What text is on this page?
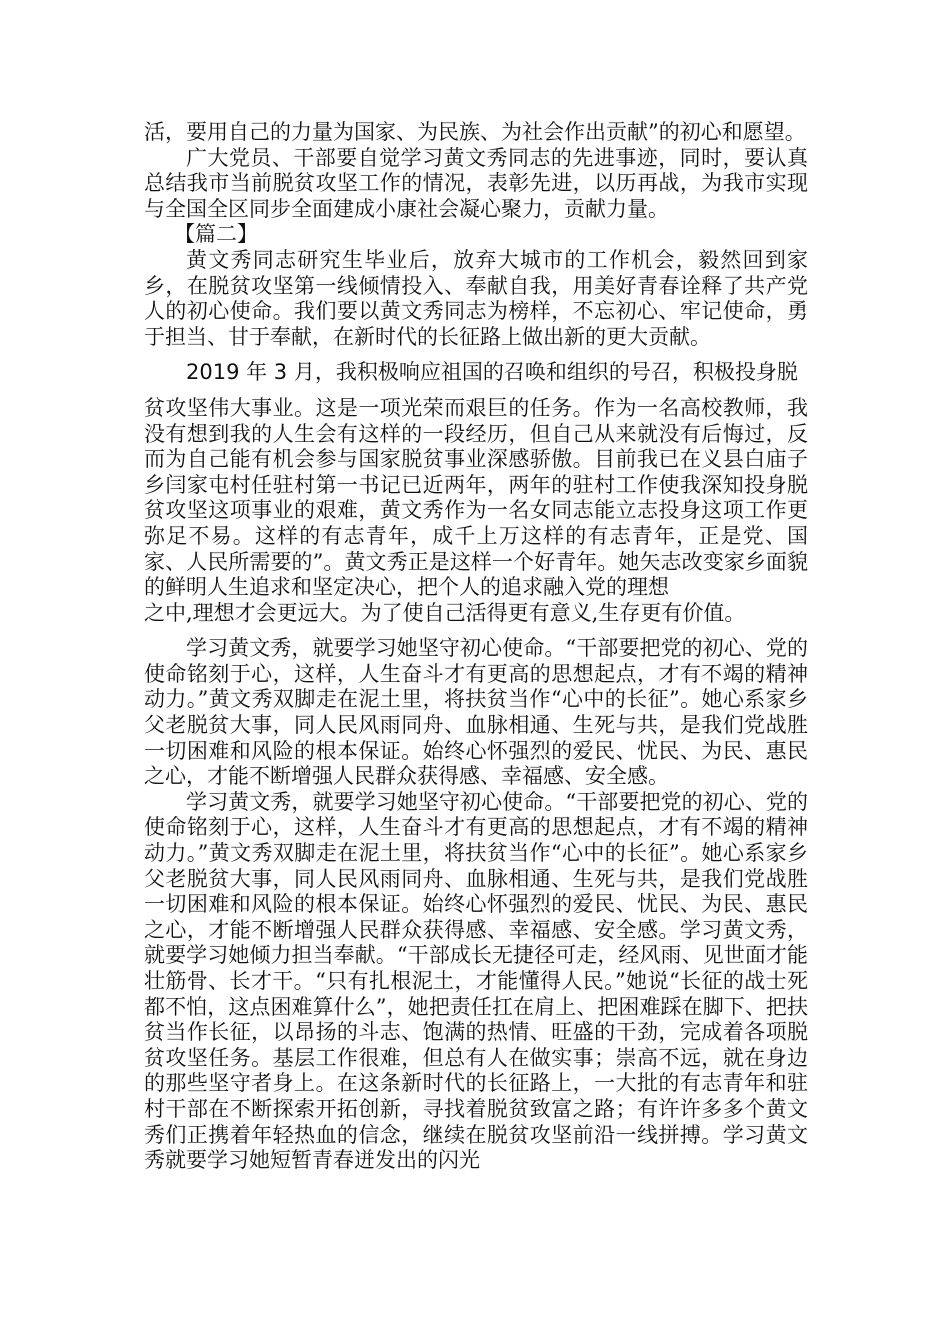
活，要用自己的力量为国家、为民族、为社会作出贡献”的初心和愿望。

广大党员、干部要自觉学习黄文秀同志的先进事迹，同时，要认真总结我市当前脱贫攻坚工作的情况，表彰先进，以历再战，为我市实现与全国全区同步全面建成小康社会凝心聚力，贡献力量。

【篇二】

黄文秀同志研究生毕业后，放弃大城市的工作机会，毅然回到家乡，在脱贫攻坚第一线倾情投入、奉献自我，用美好青春诠释了共产党人的初心使命。我们要以黄文秀同志为榜样，不忘初心、牢记使命，勇于担当、甘于奉献，在新时代的长征路上做出新的更大贡献。

2019 年 3 月，我积极响应祖国的召唤和组织的号召，积极投身脱

贫攻坚伟大事业。这是一项光荣而艰巨的任务。作为一名高校教师，我没有想到我的人生会有这样的一段经历，但自己从来就没有后悔过，反而为自己能有机会参与国家脱贫事业深感骄傲。目前我已在义县白庙子乡闫家屯村任驻村第一书记已近两年，两年的驻村工作使我深知投身脱贫攻坚这项事业的艰难，黄文秀作为一名女同志能立志投身这项工作更弥足不易。这样的有志青年，成千上万这样的有志青年，正是党、国家、人民所需要的”。黄文秀正是这样一个好青年。她矢志改变家乡面貌的鲜明人生追求和坚定决心，把个人的追求融入党的理想

之中,理想才会更远大。为了使自己活得更有意义,生存更有价值。

学习黄文秀，就要学习她坚守初心使命。“干部要把党的初心、党的使命铭刻于心，这样，人生奋斗才有更高的思想起点，才有不竭的精神动力。”黄文秀双脚走在泥土里，将扶贫当作“心中的长征”。她心系家乡父老脱贫大事，同人民风雨同舟、血脉相通、生死与共，是我们党战胜一切困难和风险的根本保证。始终心怀强烈的爱民、忧民、为民、惠民之心，才能不断增强人民群众获得感、幸福感、安全感。

学习黄文秀，就要学习她坚守初心使命。“干部要把党的初心、党的使命铭刻于心，这样，人生奋斗才有更高的思想起点，才有不竭的精神动力。”黄文秀双脚走在泥土里，将扶贫当作“心中的长征”。她心系家乡父老脱贫大事，同人民风雨同舟、血脉相通、生死与共，是我们党战胜一切困难和风险的根本保证。始终心怀强烈的爱民、忧民、为民、惠民之心，才能不断增强人民群众获得感、幸福感、安全感。学习黄文秀，就要学习她倾力担当奉献。“干部成长无捷径可走，经风雨、见世面才能壮筋骨、长才干。“只有扎根泥土，才能懂得人民。”她说“长征的战士死都不怕，这点困难算什么”，她把责任扛在肩上、把困难踩在脚下、把扶贫当作长征，以昂扬的斗志、饱满的热情、旺盛的干劲，完成着各项脱贫攻坚任务。基层工作很难，但总有人在做实事；崇高不远，就在身边的那些坚守者身上。在这条新时代的长征路上，一大批的有志青年和驻村干部在不断探索开拓创新，寻找着脱贫致富之路；有许许多多个黄文秀们正携着年轻热血的信念，继续在脱贫攻坚前沿一线拼搏。学习黄文秀就要学习她短暂青春迸发出的闪光
